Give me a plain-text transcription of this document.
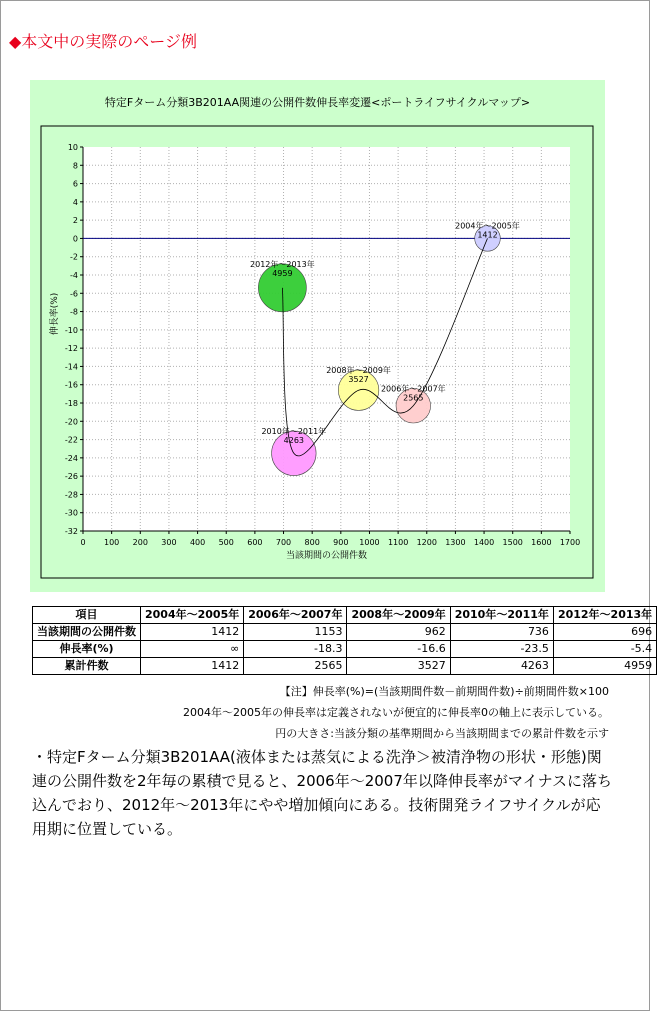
◆本文中の実際のページ例
特定Fターム分類3B201AA関連の公開件数伸長率変遷<ポートライフサイクルマップ>
0 100 200 300 400 500 600 700 800 900 1000 1100 1200 1300 1400 1500 1600 1700
10
8
6
4
2
0
-2
-4
-6
-8
-10
-12
-14
-16
-18
-20
-22
-24
-26
-28
-30
-32
当該期間の公開件数
伸長率(%)
2004年～2005年
1412
2006年～2007年
2565
2008年～2009年
3527
2010年～2011年
4263
2012年～2013年
4959
項目	2004年～2005年	2006年～2007年	2008年～2009年	2010年～2011年	2012年～2013年
当該期間の公開件数	1412	1153	962	736	696
伸長率(%)	∞	-18.3	-16.6	-23.5	-5.4
累計件数	1412	2565	3527	4263	4959
【注】伸長率(%)=(当該期間件数－前期間件数)÷前期間件数×100
2004年～2005年の伸長率は定義されないが便宜的に伸長率0の軸上に表示している。
円の大きさ:当該分類の基準期間から当該期間までの累計件数を示す
・特定Fターム分類3B201AA(液体または蒸気による洗浄＞被清浄物の形状・形態)関連の公開件数を2年毎の累積で見ると、2006年～2007年以降伸長率がマイナスに落ち込んでおり、2012年～2013年にやや増加傾向にある。技術開発ライフサイクルが応用期に位置している。
